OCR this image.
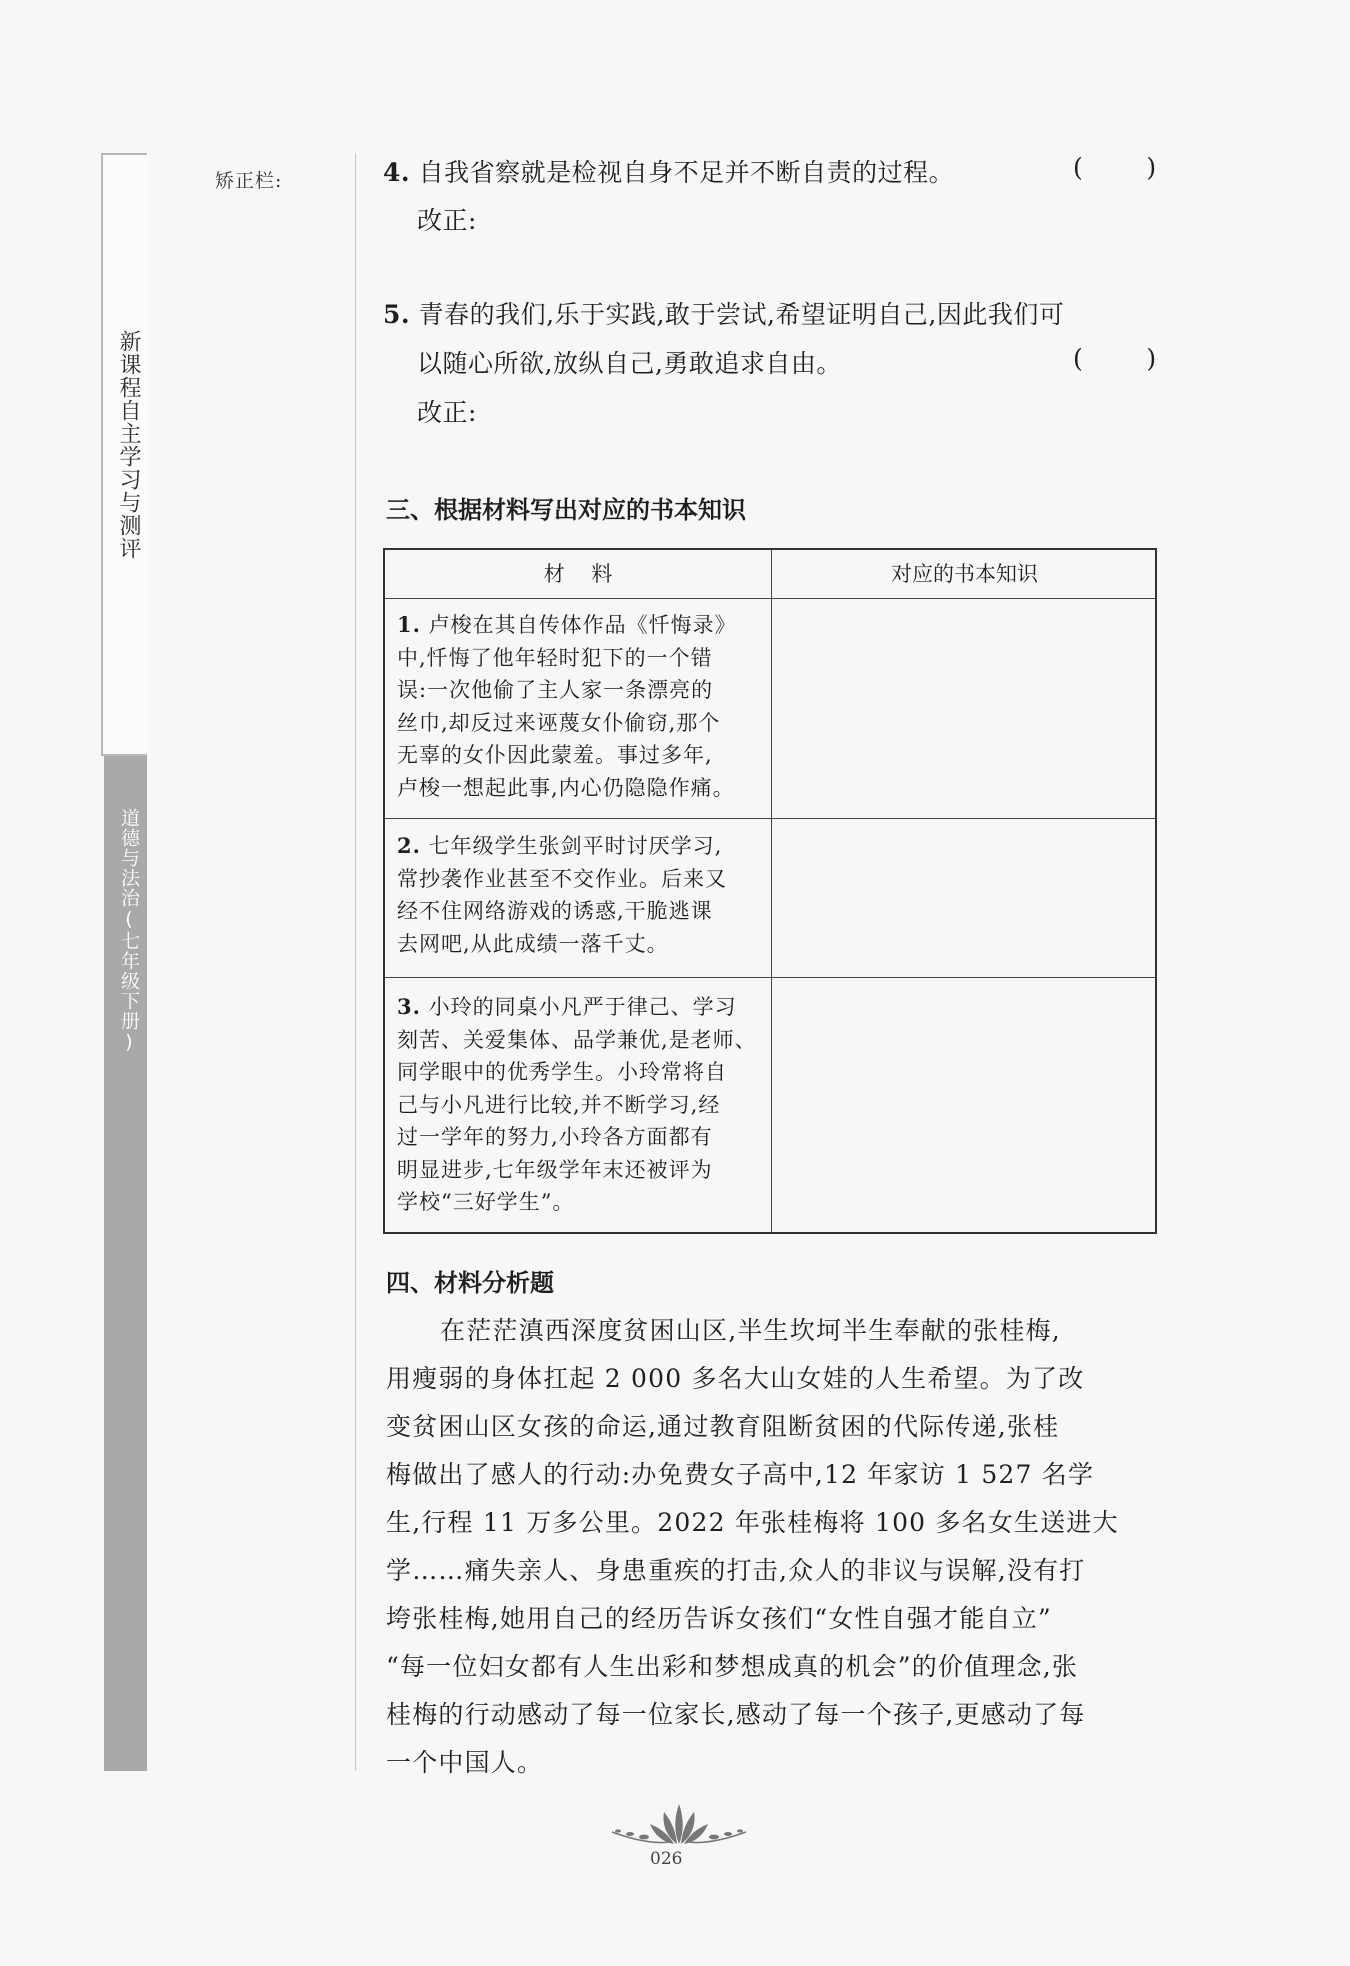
新课程自主学习与测评
道德与法治(七年级下册)
矫正栏:	4. 自我省察就是检视自身不足并不断自责的过程。	(        )
改正:
5. 青春的我们,乐于实践,敢于尝试,希望证明自己,因此我们可
以随心所欲,放纵自己,勇敢追求自由。	(        )
改正:
三、根据材料写出对应的书本知识
材    料	对应的书本知识
1. 卢梭在其自传体作品《忏悔录》
中,忏悔了他年轻时犯下的一个错
误:一次他偷了主人家一条漂亮的
丝巾,却反过来诬蔑女仆偷窃,那个
无辜的女仆因此蒙羞。事过多年,
卢梭一想起此事,内心仍隐隐作痛。
2. 七年级学生张剑平时讨厌学习,
常抄袭作业甚至不交作业。后来又
经不住网络游戏的诱惑,干脆逃课
去网吧,从此成绩一落千丈。
3. 小玲的同桌小凡严于律己、学习
刻苦、关爱集体、品学兼优,是老师、
同学眼中的优秀学生。小玲常将自
己与小凡进行比较,并不断学习,经
过一学年的努力,小玲各方面都有
明显进步,七年级学年末还被评为
学校“三好学生”。
四、材料分析题
在茫茫滇西深度贫困山区,半生坎坷半生奉献的张桂梅,
用瘦弱的身体扛起 2 000 多名大山女娃的人生希望。为了改
变贫困山区女孩的命运,通过教育阻断贫困的代际传递,张桂
梅做出了感人的行动:办免费女子高中,12 年家访 1 527 名学
生,行程 11 万多公里。2022 年张桂梅将 100 多名女生送进大
学……痛失亲人、身患重疾的打击,众人的非议与误解,没有打
垮张桂梅,她用自己的经历告诉女孩们“女性自强才能自立”
“每一位妇女都有人生出彩和梦想成真的机会”的价值理念,张
桂梅的行动感动了每一位家长,感动了每一个孩子,更感动了每
一个中国人。
026
